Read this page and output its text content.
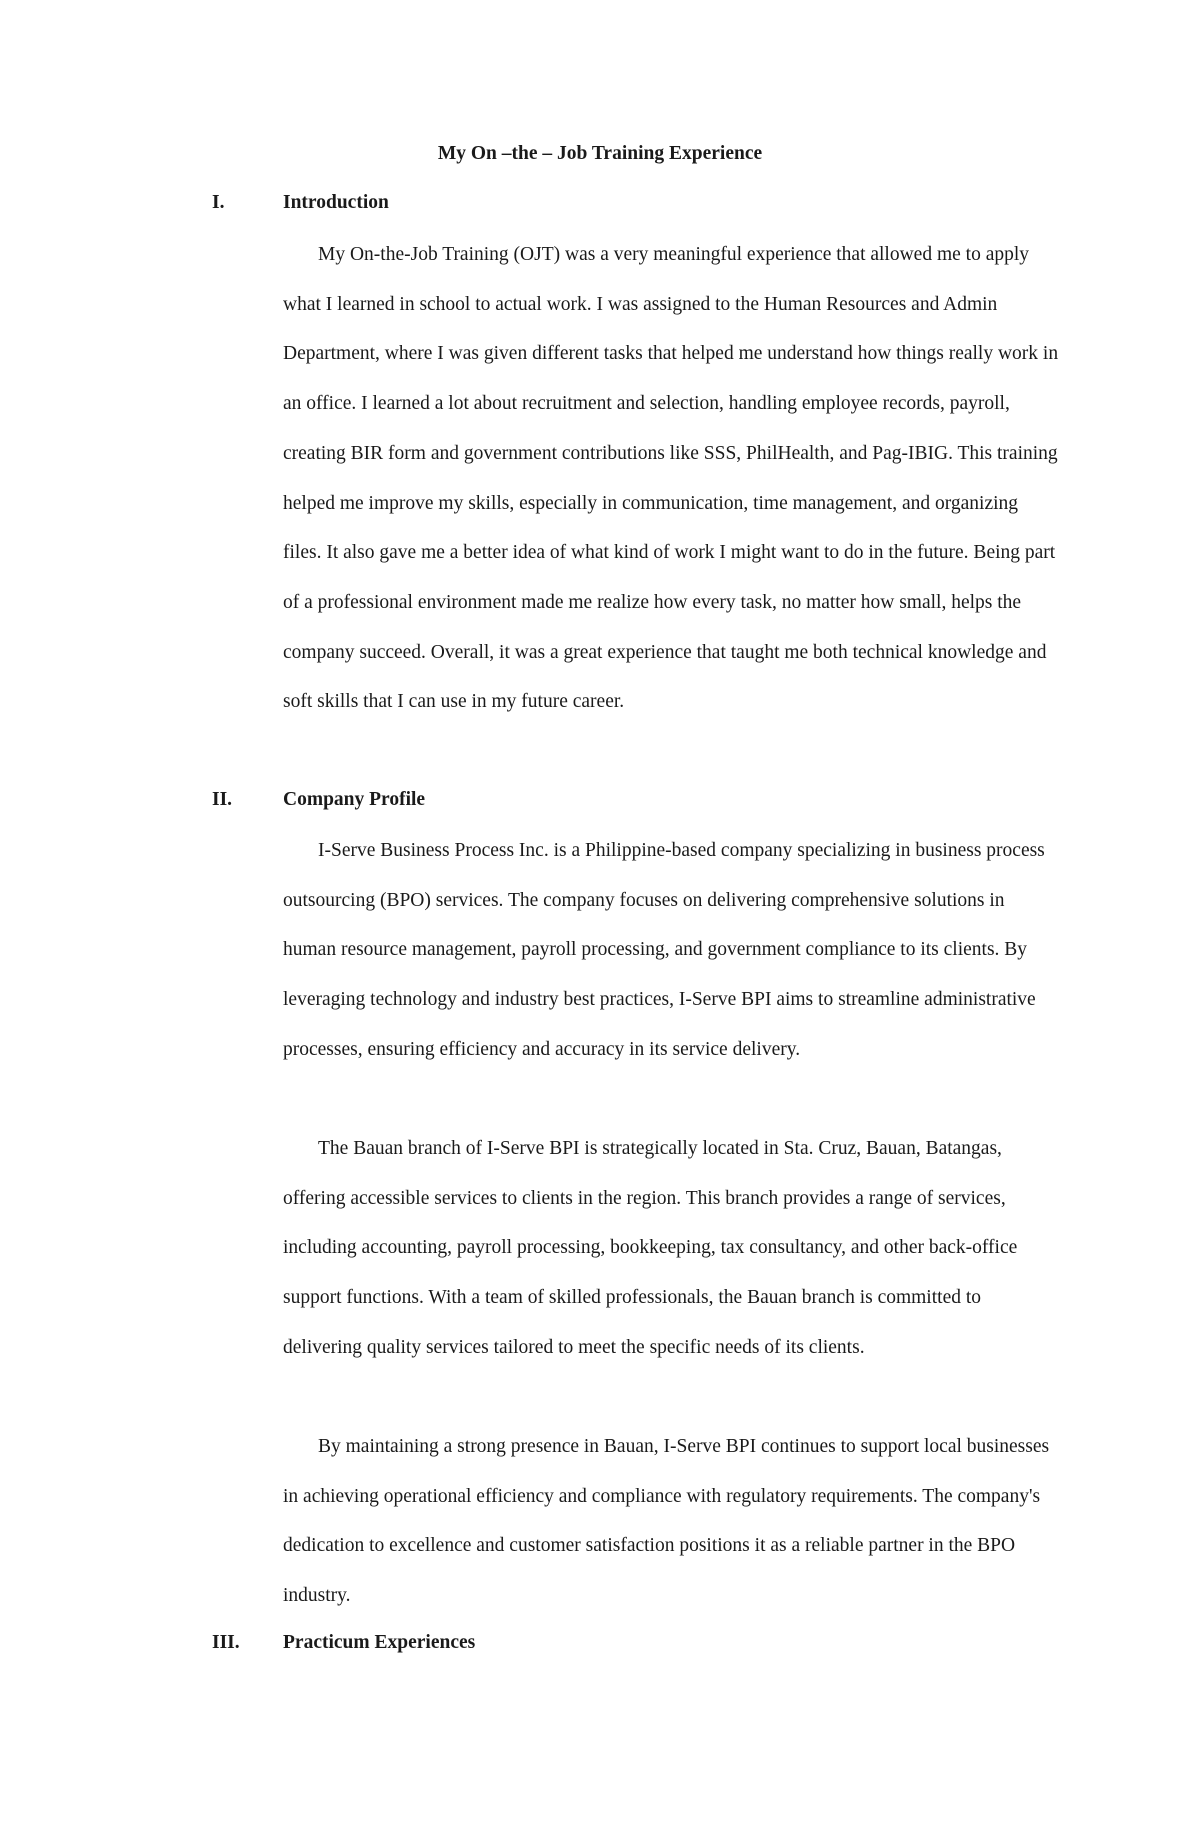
My On –the – Job Training Experience
I.	Introduction

My On-the-Job Training (OJT) was a very meaningful experience that allowed me to apply what I learned in school to actual work. I was assigned to the Human Resources and Admin Department, where I was given different tasks that helped me understand how things really work in an office. I learned a lot about recruitment and selection, handling employee records, payroll, creating BIR form and government contributions like SSS, PhilHealth, and Pag-IBIG. This training helped me improve my skills, especially in communication, time management, and organizing files. It also gave me a better idea of what kind of work I might want to do in the future. Being part of a professional environment made me realize how every task, no matter how small, helps the company succeed. Overall, it was a great experience that taught me both technical knowledge and soft skills that I can use in my future career.

II.	Company Profile

I-Serve Business Process Inc. is a Philippine-based company specializing in business process outsourcing (BPO) services. The company focuses on delivering comprehensive solutions in human resource management, payroll processing, and government compliance to its clients. By leveraging technology and industry best practices, I-Serve BPI aims to streamline administrative processes, ensuring efficiency and accuracy in its service delivery.

The Bauan branch of I-Serve BPI is strategically located in Sta. Cruz, Bauan, Batangas, offering accessible services to clients in the region. This branch provides a range of services, including accounting, payroll processing, bookkeeping, tax consultancy, and other back-office support functions. With a team of skilled professionals, the Bauan branch is committed to delivering quality services tailored to meet the specific needs of its clients.

By maintaining a strong presence in Bauan, I-Serve BPI continues to support local businesses in achieving operational efficiency and compliance with regulatory requirements. The company's dedication to excellence and customer satisfaction positions it as a reliable partner in the BPO industry.

III. Practicum Experiences
